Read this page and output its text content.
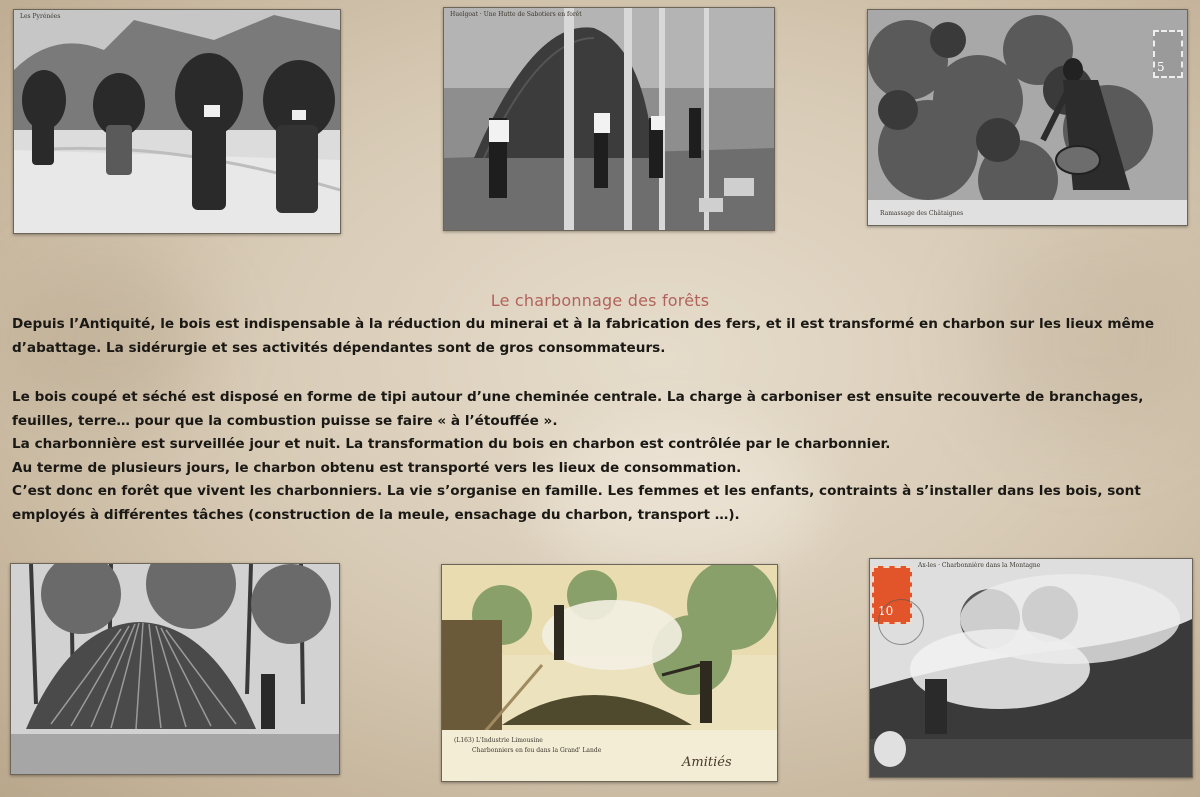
Les Pyrénées	Huelgoat · Une Hutte de Sabotiers en forêt
5
Ramassage des Châtaignes
Le charbonnage des forêts

Depuis l’Antiquité, le bois est indispensable à la réduction du minerai et à la fabrication des fers, et il est transformé en charbon sur les lieux même

d’abattage. La sidérurgie et ses activités dépendantes sont de gros consommateurs.

Le bois coupé et séché est disposé en forme de tipi autour d’une cheminée centrale. La charge à carboniser est ensuite recouverte de branchages,

feuilles, terre… pour que la combustion puisse se faire « à l’étouffée ».

La charbonnière est surveillée jour et nuit. La transformation du bois en charbon est contrôlée par le charbonnier.

Au terme de plusieurs jours, le charbon obtenu est transporté vers les lieux de consommation.

C’est donc en forêt que vivent les charbonniers. La vie s’organise en famille. Les femmes et les enfants, contraints à s’installer dans les bois, sont

employés à différentes tâches (construction de la meule, ensachage du charbon, transport …).

(L163) L'Industrie Limousine
Charbonniers en feu dans la Grand' Lande
Amitiés
10
Ax-les · Charbonnière dans la Montagne
